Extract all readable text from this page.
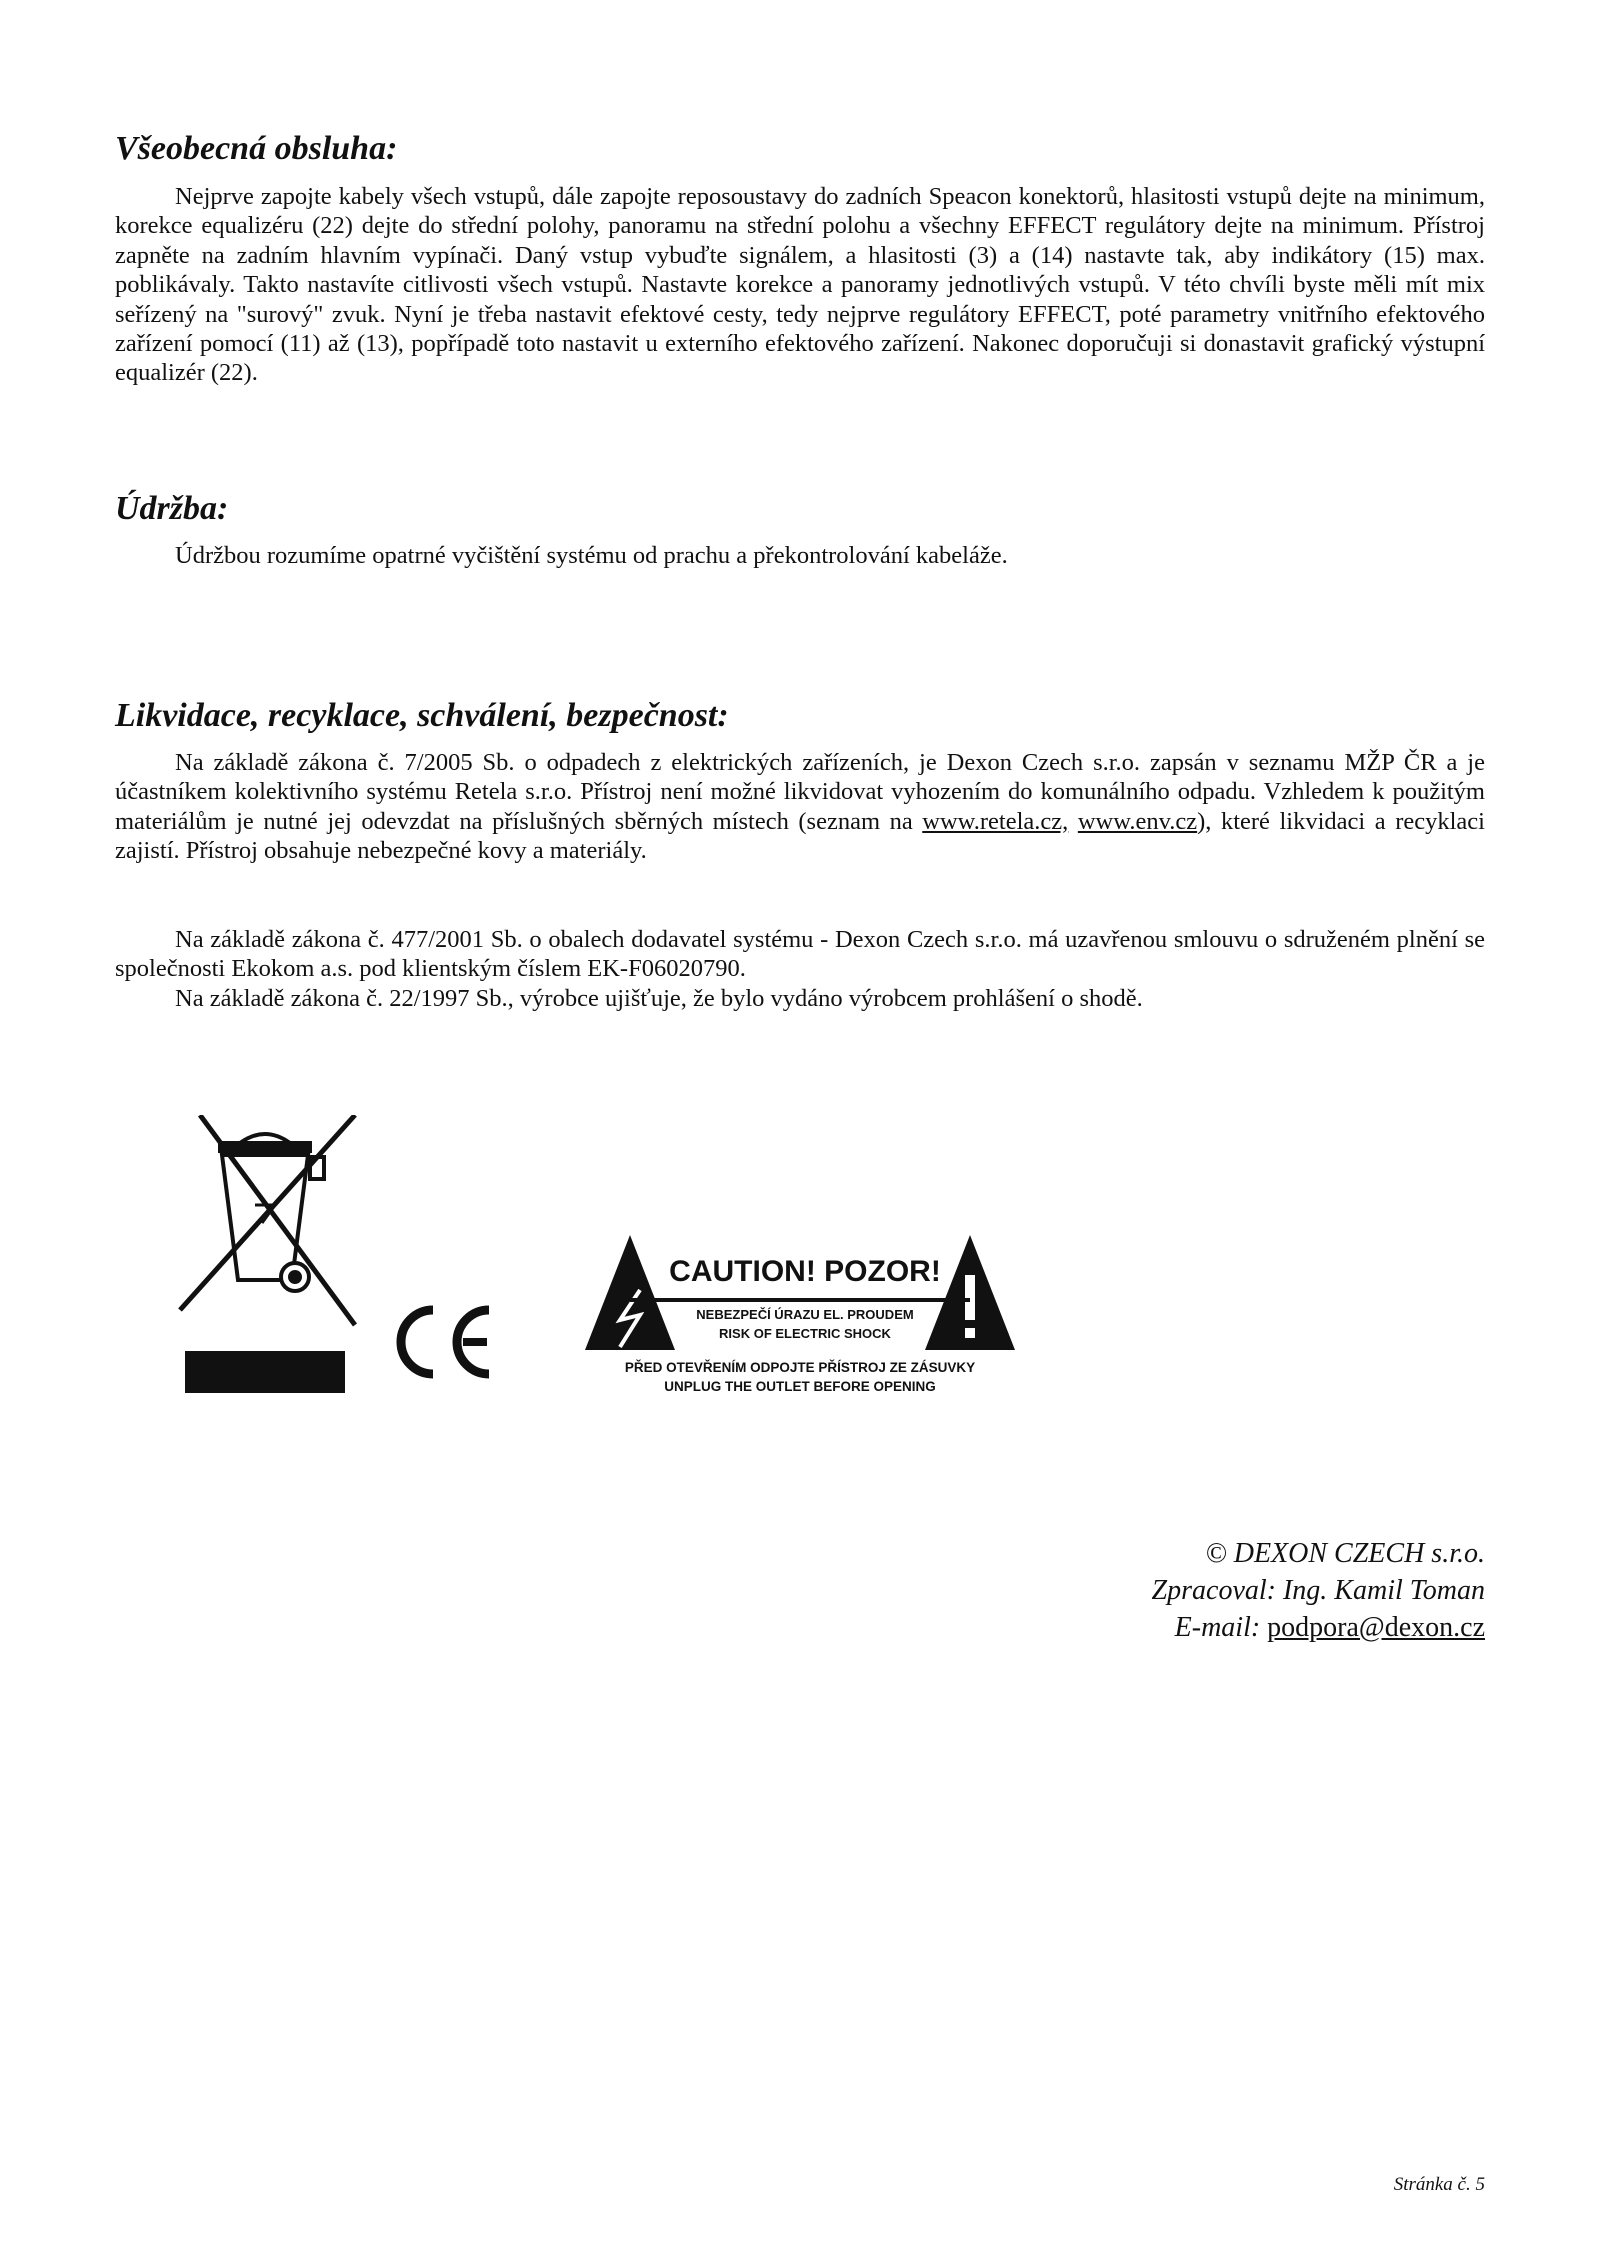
Všeobecná obsluha:

Nejprve zapojte kabely všech vstupů, dále zapojte reposoustavy do zadních Speacon konektorů, hlasitosti vstupů dejte na minimum, korekce equalizéru (22) dejte do střední polohy, panoramu na střední polohu a všechny EFFECT regulátory dejte na minimum. Přístroj zapněte na zadním hlavním vypínači. Daný vstup vybuďte signálem, a hlasitosti (3) a (14) nastavte tak, aby indikátory (15) max. poblikávaly. Takto nastavíte citlivosti všech vstupů. Nastavte korekce a panoramy jednotlivých vstupů. V této chvíli byste měli mít mix seřízený na "surový" zvuk. Nyní je třeba nastavit efektové cesty, tedy nejprve regulátory EFFECT, poté parametry vnitřního efektového zařízení pomocí (11) až (13), popřípadě toto nastavit u externího efektového zařízení. Nakonec doporučuji si donastavit grafický výstupní equalizér (22).

Údržba:

Údržbou rozumíme opatrné vyčištění systému od prachu a překontrolování kabeláže.

Likvidace, recyklace, schválení, bezpečnost:

Na základě zákona č. 7/2005 Sb. o odpadech z elektrických zařízeních, je Dexon Czech s.r.o. zapsán v seznamu MŽP ČR a je účastníkem kolektivního systému Retela s.r.o. Přístroj není možné likvidovat vyhozením do komunálního odpadu. Vzhledem k použitým materiálům je nutné jej odevzdat na příslušných sběrných místech (seznam na www.retela.cz, www.env.cz), které likvidaci a recyklaci zajistí. Přístroj obsahuje nebezpečné kovy a materiály.

Na základě zákona č. 477/2001 Sb. o obalech dodavatel systému - Dexon Czech s.r.o. má uzavřenou smlouvu o sdruženém plnění se společnosti Ekokom a.s. pod klientským číslem EK-F06020790.

Na základě zákona č. 22/1997 Sb., výrobce ujišťuje, že bylo vydáno výrobcem prohlášení o shodě.

CAUTION! POZOR!
NEBEZPEČÍ ÚRAZU EL. PROUDEM
RISK OF ELECTRIC SHOCK
PŘED OTEVŘENÍM ODPOJTE PŘÍSTROJ ZE ZÁSUVKY
UNPLUG THE OUTLET BEFORE OPENING
© DEXON CZECH s.r.o.
Zpracoval: Ing. Kamil Toman
E-mail: podpora@dexon.cz
Stránka č. 5
